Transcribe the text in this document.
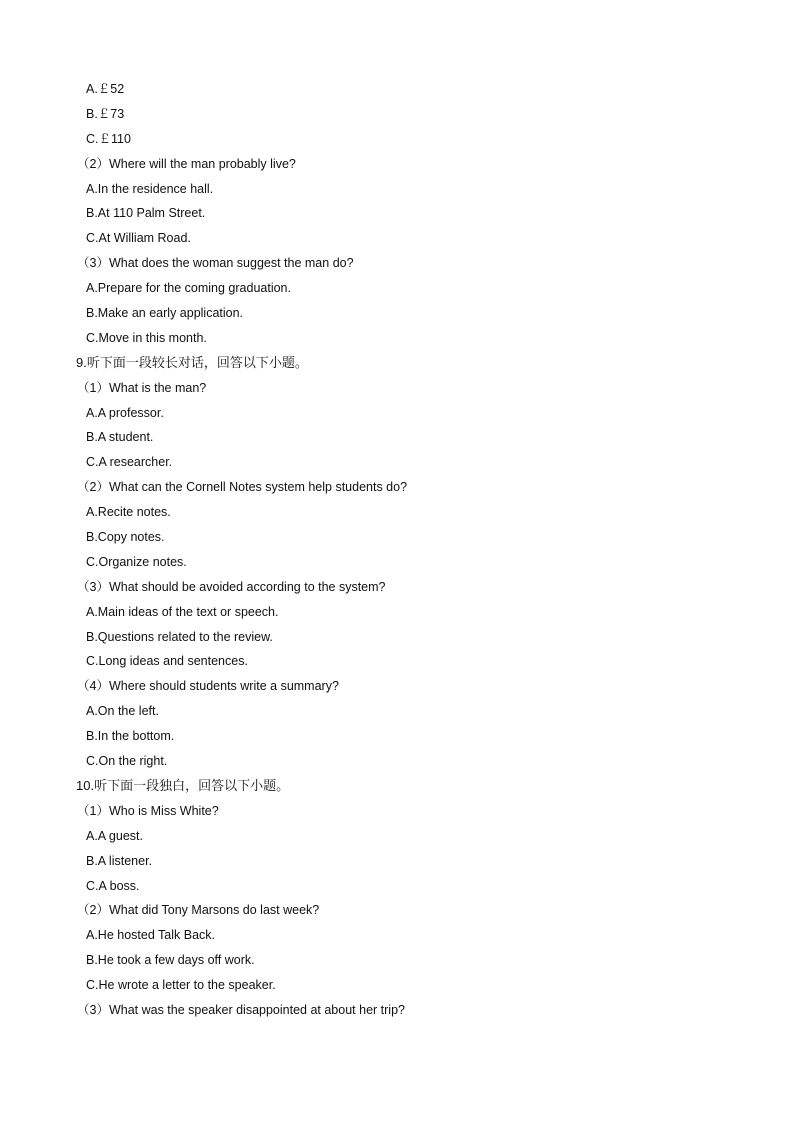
A.￡52
B.￡73
C.￡110
（2）Where will the man probably live?
A.In the residence hall.
B.At 110 Palm Street.
C.At William Road.
（3）What does the woman suggest the man do?
A.Prepare for the coming graduation.
B.Make an early application.
C.Move in this month.
9.听下面一段较长对话，回答以下小题。
（1）What is the man?
A.A professor.
B.A student.
C.A researcher.
（2）What can the Cornell Notes system help students do?
A.Recite notes.
B.Copy notes.
C.Organize notes.
（3）What should be avoided according to the system?
A.Main ideas of the text or speech.
B.Questions related to the review.
C.Long ideas and sentences.
（4）Where should students write a summary?
A.On the left.
B.In the bottom.
C.On the right.
10.听下面一段独白，回答以下小题。
（1）Who is Miss White?
A.A guest.
B.A listener.
C.A boss.
（2）What did Tony Marsons do last week?
A.He hosted Talk Back.
B.He took a few days off work.
C.He wrote a letter to the speaker.
（3）What was the speaker disappointed at about her trip?
